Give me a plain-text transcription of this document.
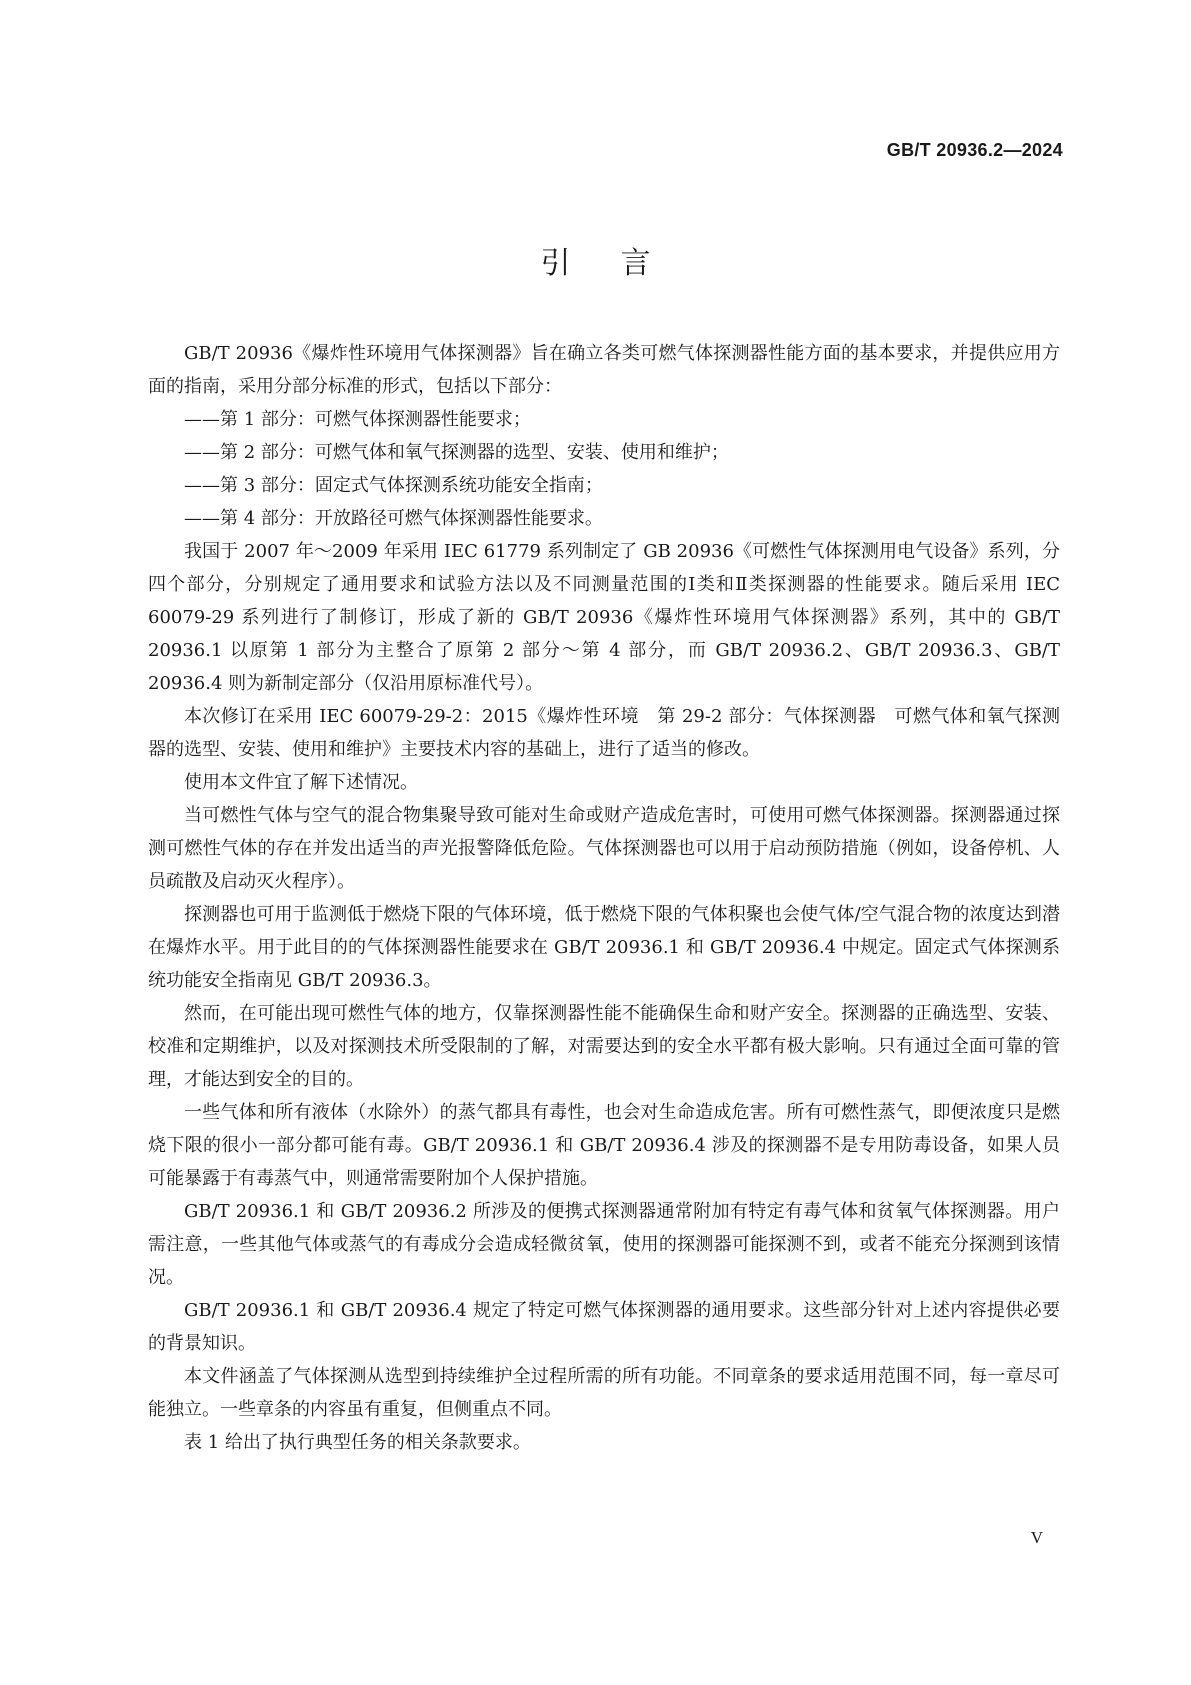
GB/T 20936.2—2024
引言

GB/T 20936《爆炸性环境用气体探测器》旨在确立各类可燃气体探测器性能方面的基本要求，并提供应用方面的指南，采用分部分标准的形式，包括以下部分：

——第 1 部分：可燃气体探测器性能要求；

——第 2 部分：可燃气体和氧气探测器的选型、安装、使用和维护；

——第 3 部分：固定式气体探测系统功能安全指南；

——第 4 部分：开放路径可燃气体探测器性能要求。

我国于 2007 年～2009 年采用 IEC 61779 系列制定了 GB 20936《可燃性气体探测用电气设备》系列，分四个部分，分别规定了通用要求和试验方法以及不同测量范围的Ⅰ类和Ⅱ类探测器的性能要求。随后采用 IEC 60079-29 系列进行了制修订，形成了新的 GB/T 20936《爆炸性环境用气体探测器》系列，其中的 GB/T 20936.1 以原第 1 部分为主整合了原第 2 部分～第 4 部分，而 GB/T 20936.2、GB/T 20936.3、GB/T 20936.4 则为新制定部分（仅沿用原标准代号）。

本次修订在采用 IEC 60079-29-2：2015《爆炸性环境　第 29-2 部分：气体探测器　可燃气体和氧气探测器的选型、安装、使用和维护》主要技术内容的基础上，进行了适当的修改。

使用本文件宜了解下述情况。

当可燃性气体与空气的混合物集聚导致可能对生命或财产造成危害时，可使用可燃气体探测器。探测器通过探测可燃性气体的存在并发出适当的声光报警降低危险。气体探测器也可以用于启动预防措施（例如，设备停机、人员疏散及启动灭火程序）。

探测器也可用于监测低于燃烧下限的气体环境，低于燃烧下限的气体积聚也会使气体/空气混合物的浓度达到潜在爆炸水平。用于此目的的气体探测器性能要求在 GB/T 20936.1 和 GB/T 20936.4 中规定。固定式气体探测系统功能安全指南见 GB/T 20936.3。

然而，在可能出现可燃性气体的地方，仅靠探测器性能不能确保生命和财产安全。探测器的正确选型、安装、校准和定期维护，以及对探测技术所受限制的了解，对需要达到的安全水平都有极大影响。只有通过全面可靠的管理，才能达到安全的目的。

一些气体和所有液体（水除外）的蒸气都具有毒性，也会对生命造成危害。所有可燃性蒸气，即便浓度只是燃烧下限的很小一部分都可能有毒。GB/T 20936.1 和 GB/T 20936.4 涉及的探测器不是专用防毒设备，如果人员可能暴露于有毒蒸气中，则通常需要附加个人保护措施。

GB/T 20936.1 和 GB/T 20936.2 所涉及的便携式探测器通常附加有特定有毒气体和贫氧气体探测器。用户需注意，一些其他气体或蒸气的有毒成分会造成轻微贫氧，使用的探测器可能探测不到，或者不能充分探测到该情况。

GB/T 20936.1 和 GB/T 20936.4 规定了特定可燃气体探测器的通用要求。这些部分针对上述内容提供必要的背景知识。

本文件涵盖了气体探测从选型到持续维护全过程所需的所有功能。不同章条的要求适用范围不同，每一章尽可能独立。一些章条的内容虽有重复，但侧重点不同。

表 1 给出了执行典型任务的相关条款要求。

V
